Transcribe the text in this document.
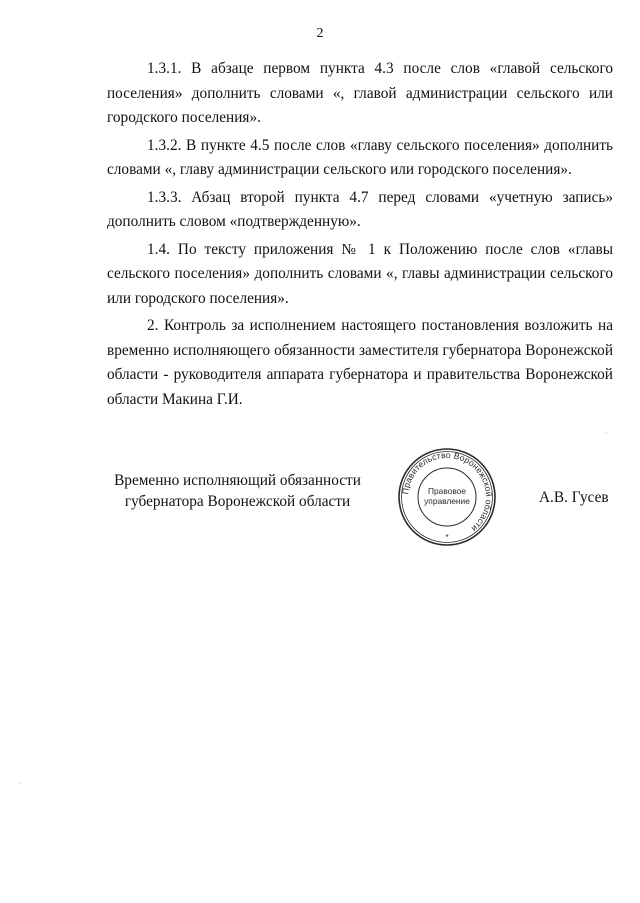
2

1.3.1. В абзаце первом пункта 4.3 после слов «главой сельского поселения» дополнить словами «, главой администрации сельского или городского поселения».

1.3.2. В пункте 4.5 после слов «главу сельского поселения» дополнить словами «, главу администрации сельского или городского поселения».

1.3.3. Абзац второй пункта 4.7 перед словами «учетную запись» дополнить словом «подтвержденную».

1.4. По тексту приложения № 1 к Положению после слов «главы сельского поселения» дополнить словами «, главы администрации сельского или городского поселения».

2. Контроль за исполнением настоящего постановления возложить на временно исполняющего обязанности заместителя губернатора Воронежской области - руководителя аппарата губернатора и правительства Воронежской области Макина Г.И.

Временно исполняющий обязанности
губернатора Воронежской области
Правительство Воронежской области
Правовое
управление
*
А.В. Гусев
